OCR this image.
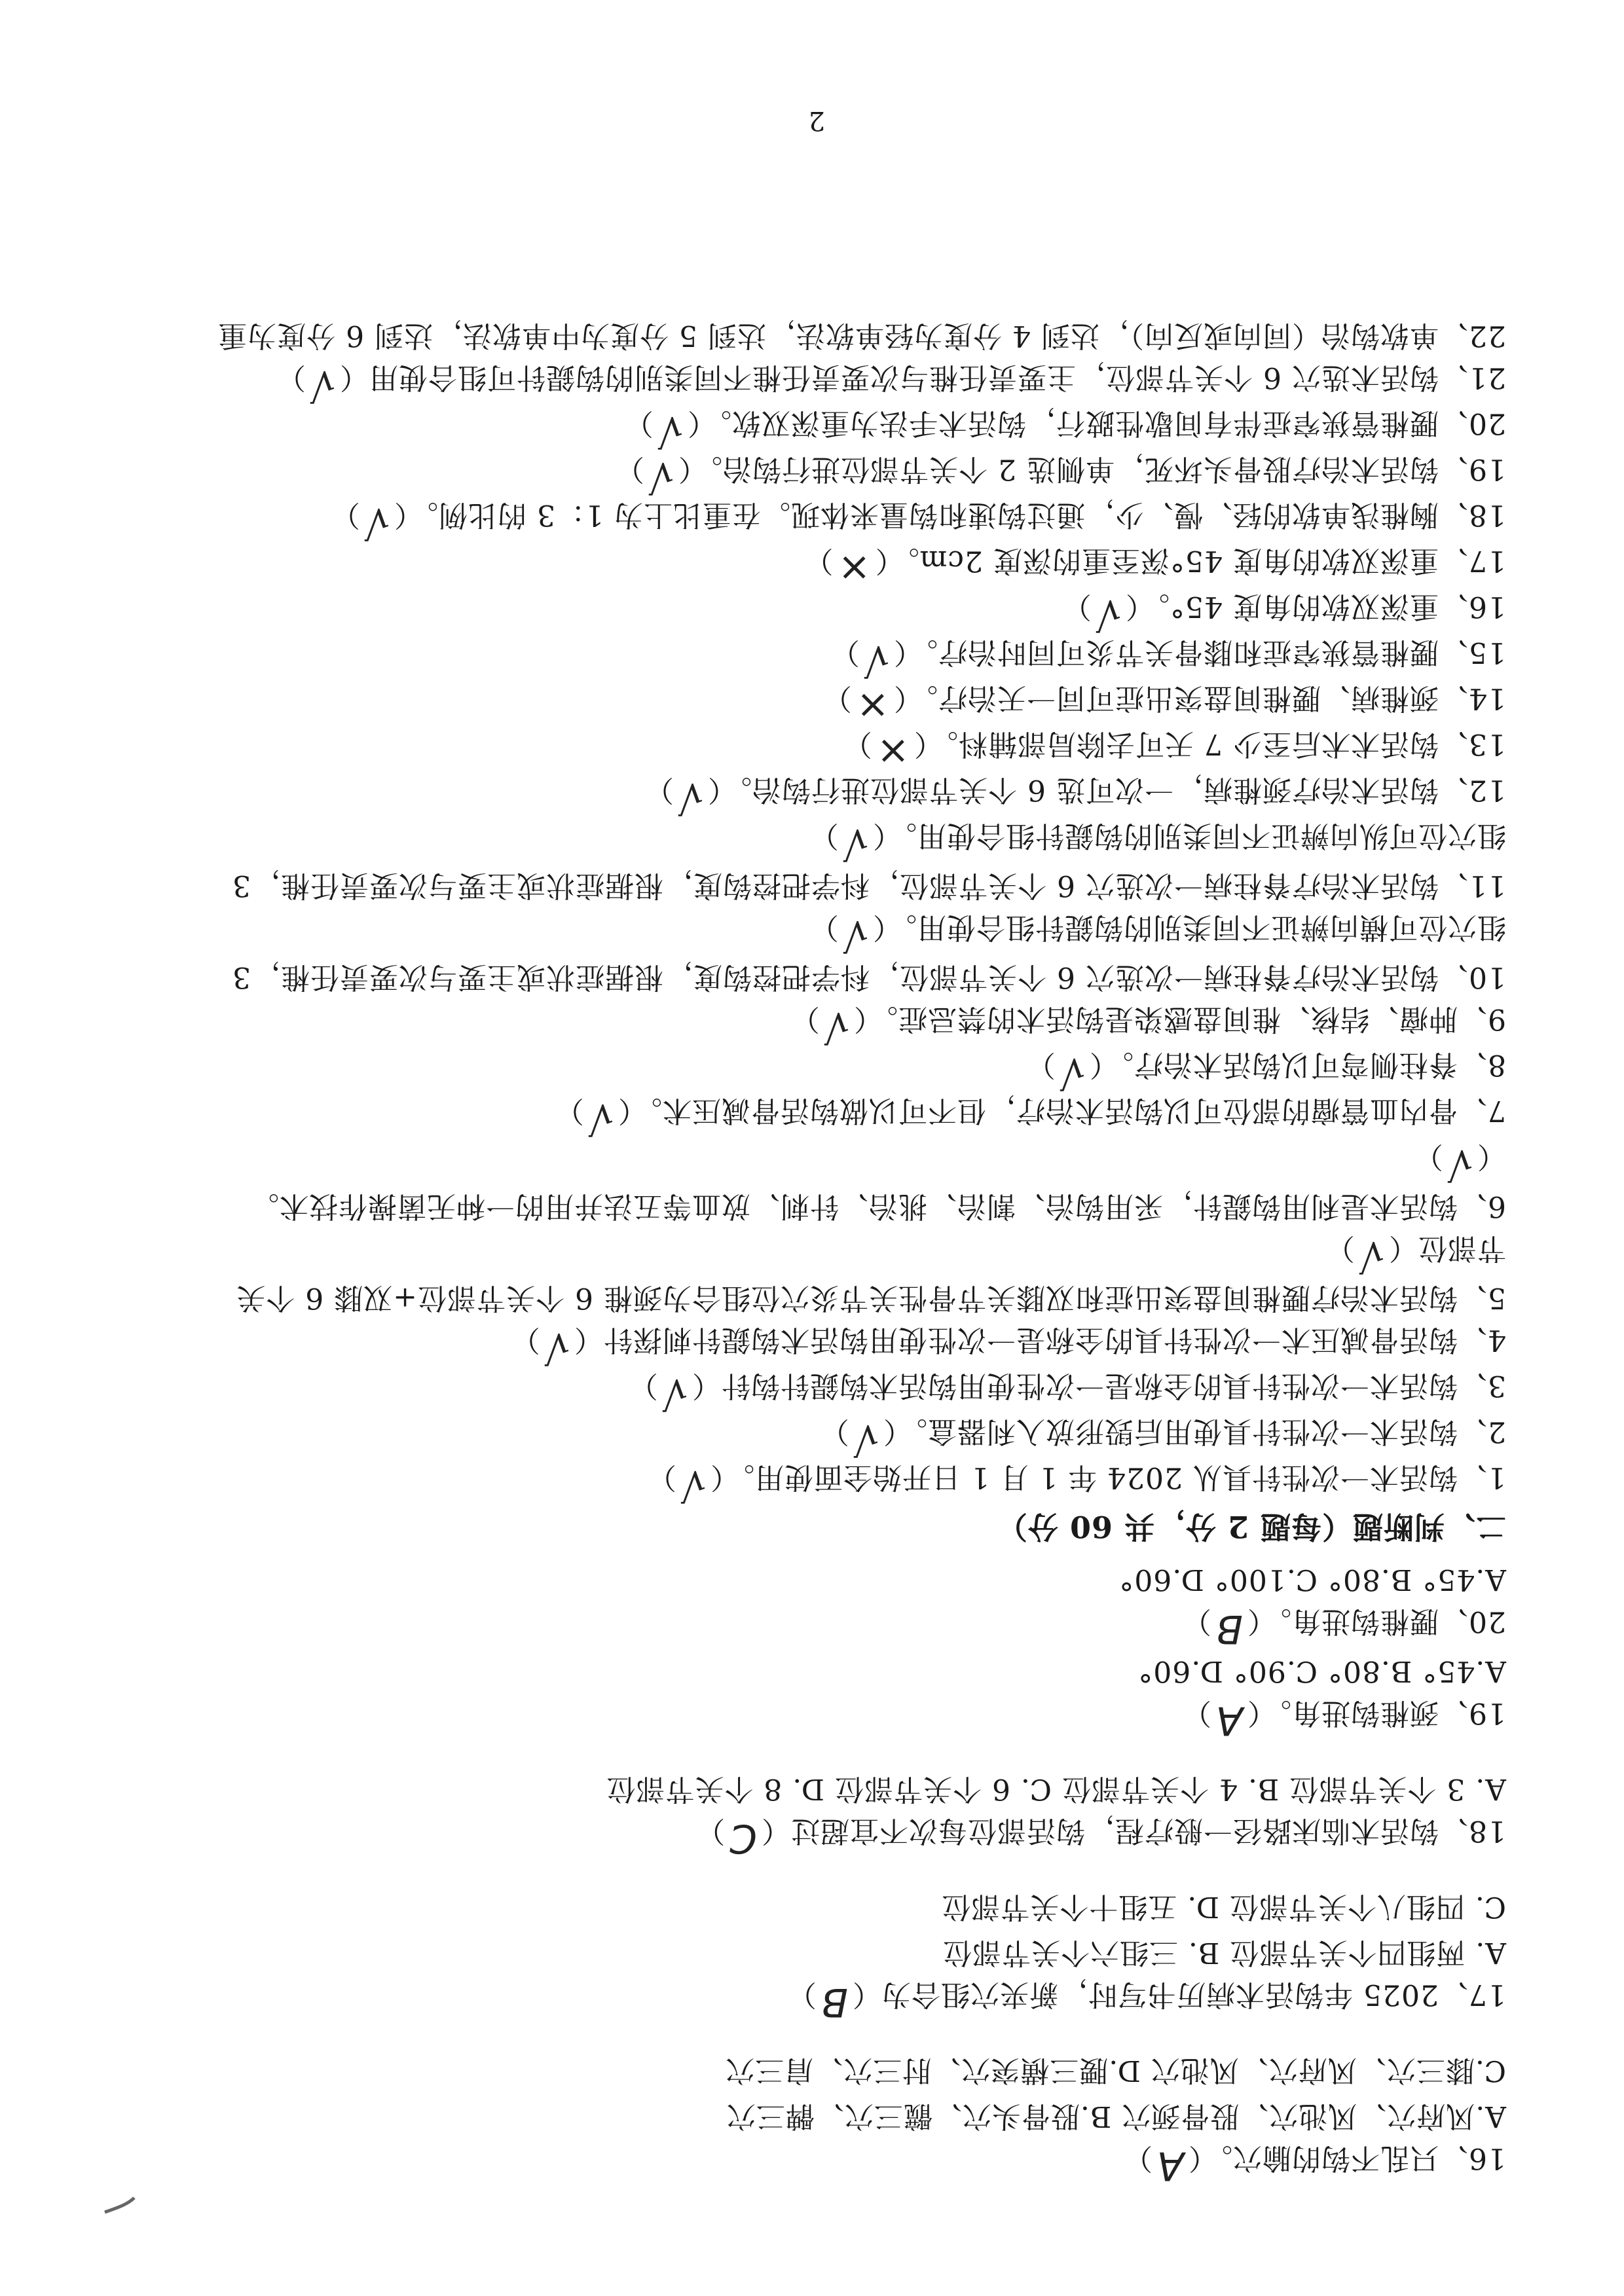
16、只乱不钩的腧穴。（A）
A.风府穴、风池穴、股骨颈穴 B.股骨头穴、髋三穴、髀三穴
C.膝三穴、风府穴、风池穴 D.腰三横突穴、肘三穴、肩三穴
17、2025 年钩活术病历书写时，新夹穴组合为（B）
A. 两组四个关节部位 B. 三组六个关节部位
C. 四组八个关节部位 D. 五组十个关节部位
18、钩活术临床路径一般疗程，钩活部位每次不宜超过（C）
A. 3 个关节部位 B. 4 个关节部位 C. 6 个关节部位 D. 8 个关节部位
19、颈椎钩进角。（A）
A.45° B.80° C.90° D.60°
20、腰椎钩进角。（B）
A.45° B.80° C.100° D.60°
二、判断题（每题 2 分，共 60 分）
1、钩活术一次性针具从 2024 年 1 月 1 日开始全面使用。（√）
2、钩活术一次性针具使用后毁形放入利器盒。（√）
3、钩活术一次性针具的全称是一次性使用钩活术钩鍉针钩针（√）
4、钩活骨减压术一次性针具的全称是一次性使用钩活术钩鍉针刺探针（√）
5、钩活术治疗腰椎间盘突出症和双膝关节骨性关节炎穴位组合为颈椎 6 个关节部位+双膝 6 个关
节部位（√）
6、钩活术是利用钩鍉针，采用钩治、割治、挑治、针刺、放血等五法并用的一种无菌操作技术。
（√）
7、骨内血管瘤的部位可以钩活术治疗，但不可以做钩活骨减压术。（√）
8、脊柱侧弯可以钩活术治疗。（√）
9、肿瘤、结核、椎间盘感染是钩活术的禁忌症。（√）
10、钩活术治疗脊柱病一次选穴 6 个关节部位，科学把控钩度，根据症状或主要与次要责任椎，3
组穴位可横向辨证不同类别的钩鍉针组合使用。（√）
11、钩活术治疗脊柱病一次选穴 6 个关节部位，科学把控钩度，根据症状或主要与次要责任椎，3
组穴位可纵向辨证不同类别的钩鍉针组合使用。（√）
12、钩活术治疗颈椎病，一次可选 6 个关节部位进行钩治。（√）
13、钩活术术后至少 7 天可去除局部辅料。（×）
14、颈椎病、腰椎间盘突出症可同一天治疗。（×）
15、腰椎管狭窄症和膝骨关节炎可同时治疗。（√）
16、重深双软的角度 45°。（√）
17、重深双软的角度 45°深至重的深度 2cm。（×）
18、胸椎浅单软的轻、慢、少，通过钩速和钩量来体现。在重比上为 1：3 的比例。（√）
19、钩活术治疗股骨头坏死，单侧选 2 个关节部位进行钩治。（√）
20、腰椎管狭窄症伴有间歇性跛行，钩活术手法为重深双软。（√）
21、钩活术选穴 6 个关节部位，主要责任椎与次要责任椎不同类别的钩鍉针可组合使用（√）
22、单软钩治（同向或反向），达到 4 分度为轻单软法，达到 5 分度为中单软法，达到 6 分度为重
2
